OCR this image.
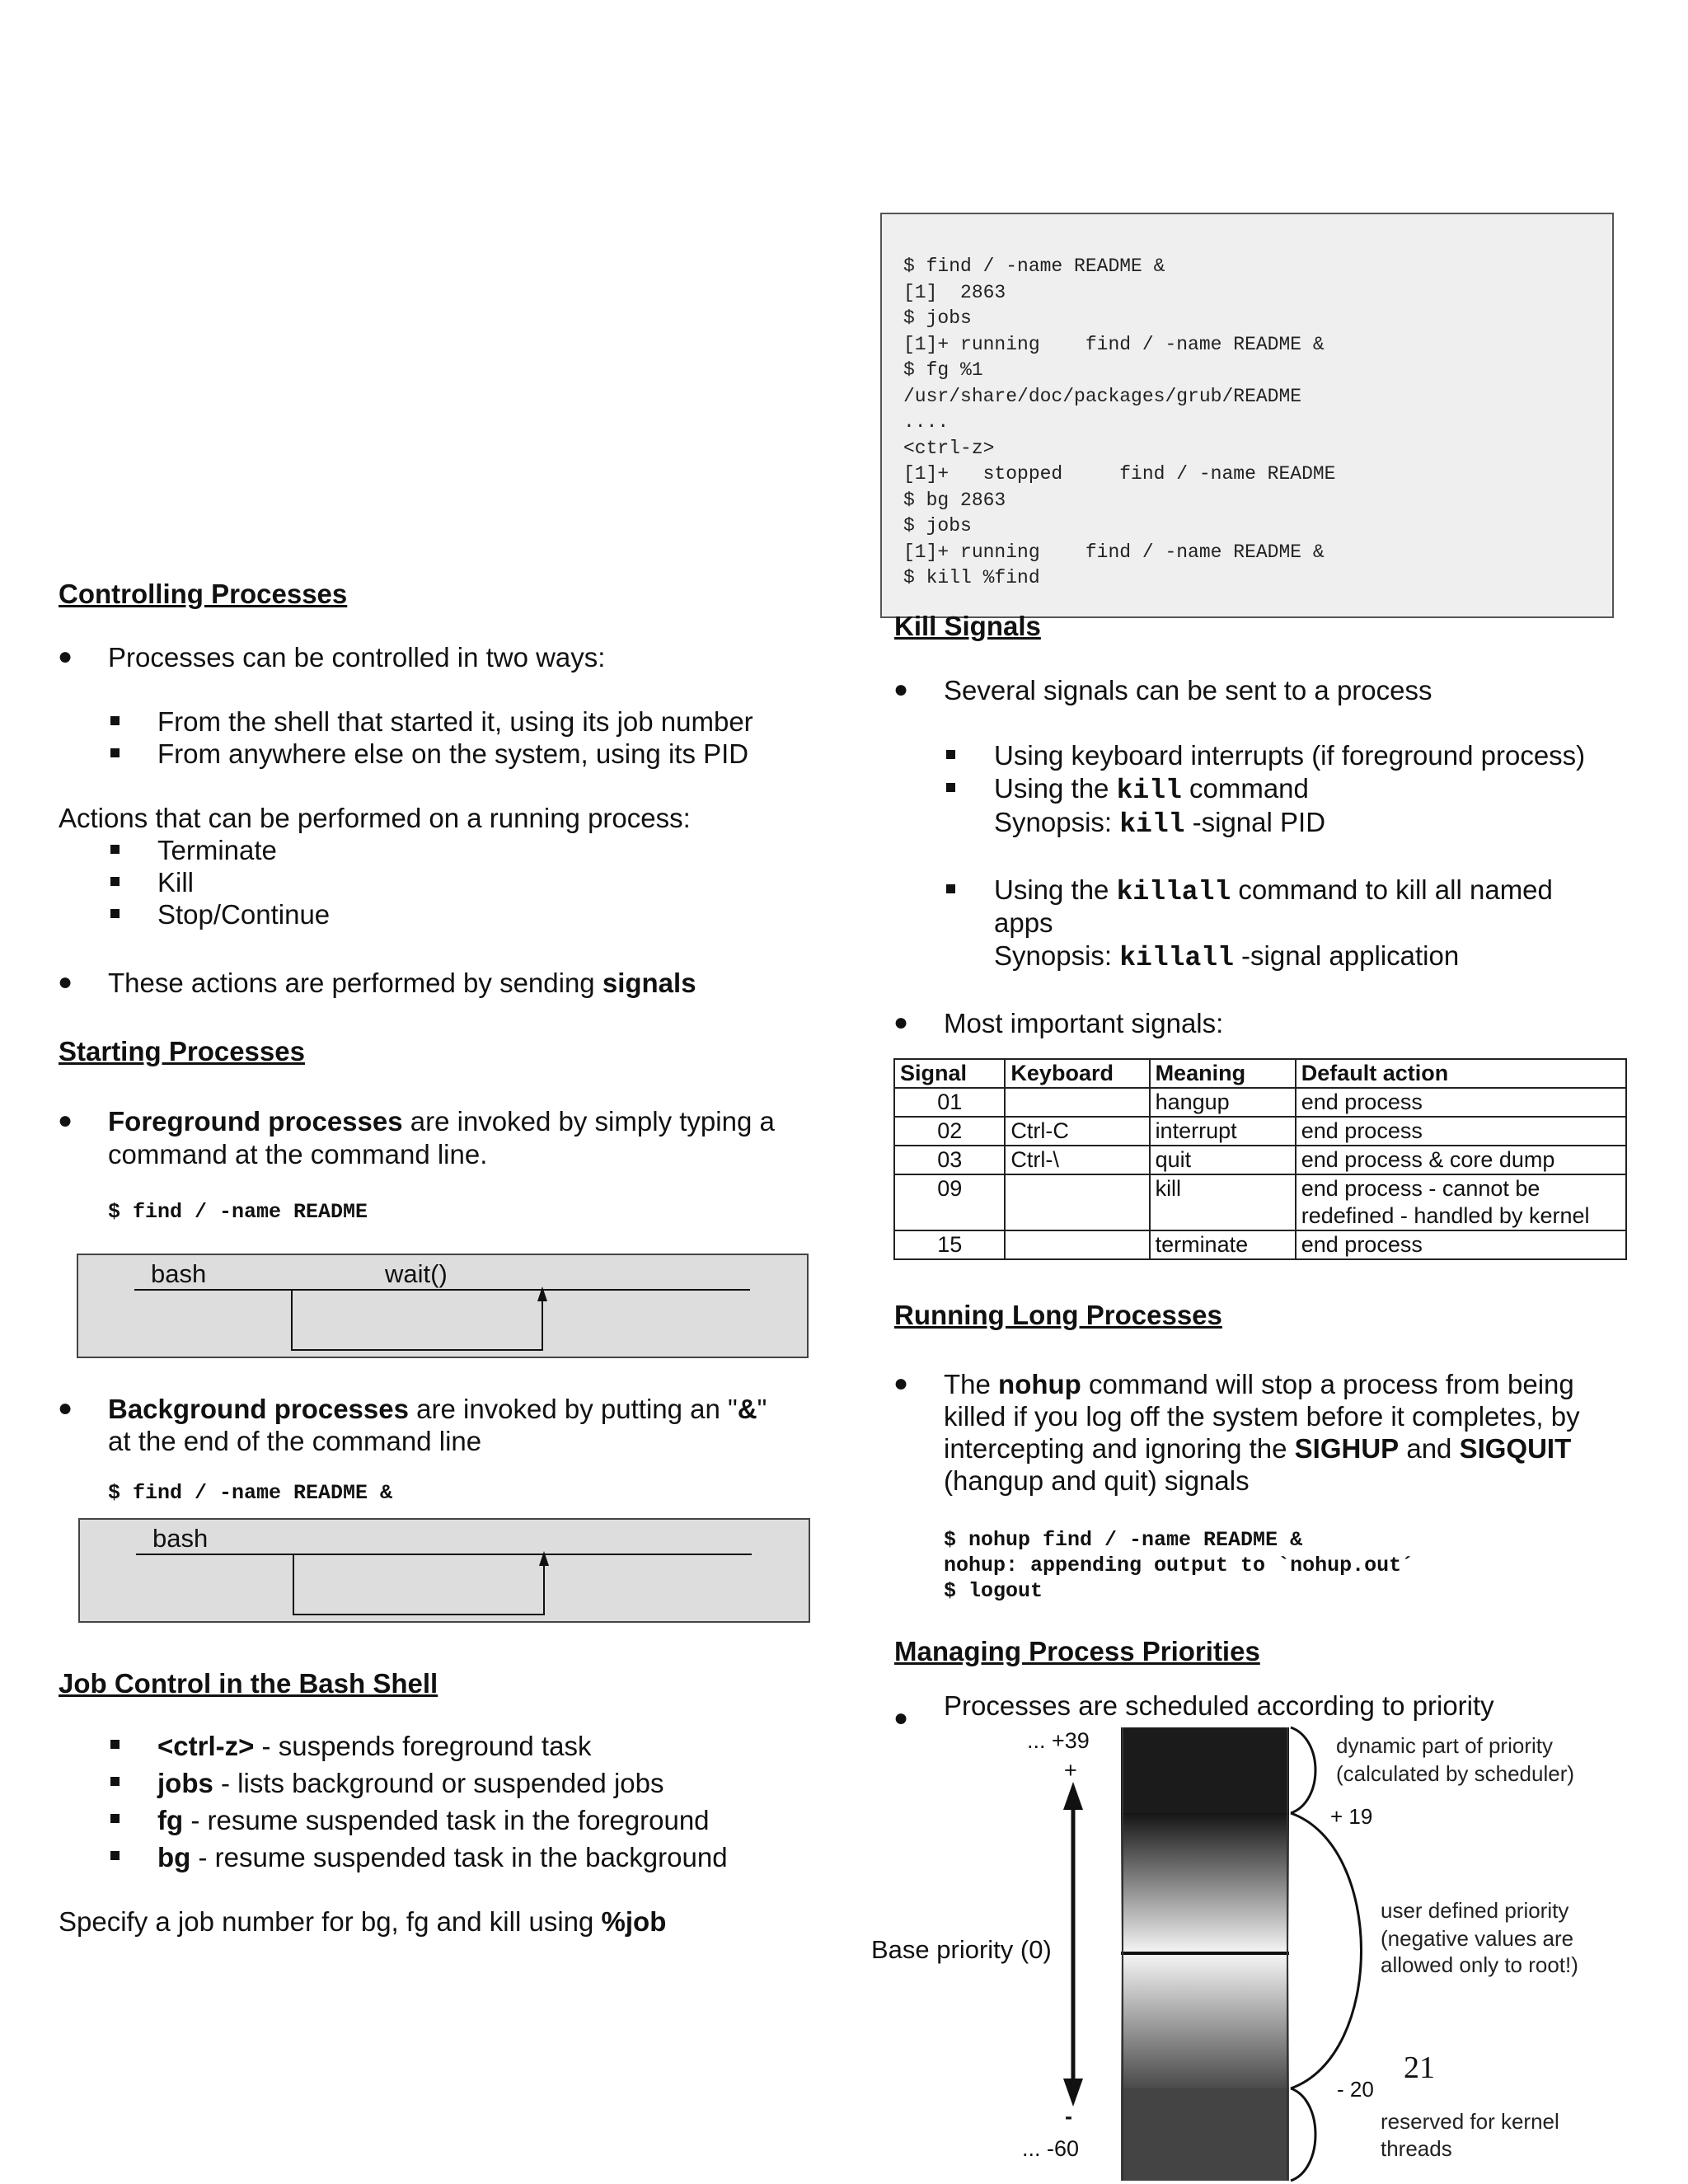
Controlling Processes
● Processes can be controlled in two ways:
From the shell that started it, using its job number
From anywhere else on the system, using its PID
Actions that can be performed on a running process:
Terminate
Kill
Stop/Continue
● These actions are performed by sending signals
Starting Processes
● Foreground processes are invoked by simply typing a
command at the command line.
$ find / -name README
bash	wait()
● Background processes are invoked by putting an "&"
at the end of the command line
$ find / -name README &
bash
Job Control in the Bash Shell
<ctrl-z> - suspends foreground task
jobs - lists background or suspended jobs
fg - resume suspended task in the foreground
bg - resume suspended task in the background
Specify a job number for bg, fg and kill using %job
$ find / -name README &
[1]  2863
$ jobs
[1]+ running    find / -name README &
$ fg %1
/usr/share/doc/packages/grub/README
....
<ctrl-z>
[1]+   stopped     find / -name README
$ bg 2863
$ jobs
[1]+ running    find / -name README &
$ kill %find
Kill Signals
● Several signals can be sent to a process
Using keyboard interrupts (if foreground process)
Using the kill command
Synopsis: kill -signal PID
Using the killall command to kill all named
apps
Synopsis: killall -signal application
● Most important signals:
Signal	Keyboard	Meaning	Default action
01		hangup	end process
02	Ctrl-C	interrupt	end process
03	Ctrl-\	quit	end process & core dump
09		kill	end process - cannot be redefined - handled by kernel
15		terminate	end process
Running Long Processes
● The nohup command will stop a process from being
killed if you log off the system before it completes, by
intercepting and ignoring the SIGHUP and SIGQUIT
(hangup and quit) signals
$ nohup find / -name README &
nohup: appending output to `nohup.out´
$ logout
Managing Process Priorities
● Processes are scheduled according to priority
... +39
+
Base priority (0)
-
... -60
dynamic part of priority
(calculated by scheduler)
+ 19
user defined priority
(negative values are
allowed only to root!)
- 20
reserved for kernel
threads
21
